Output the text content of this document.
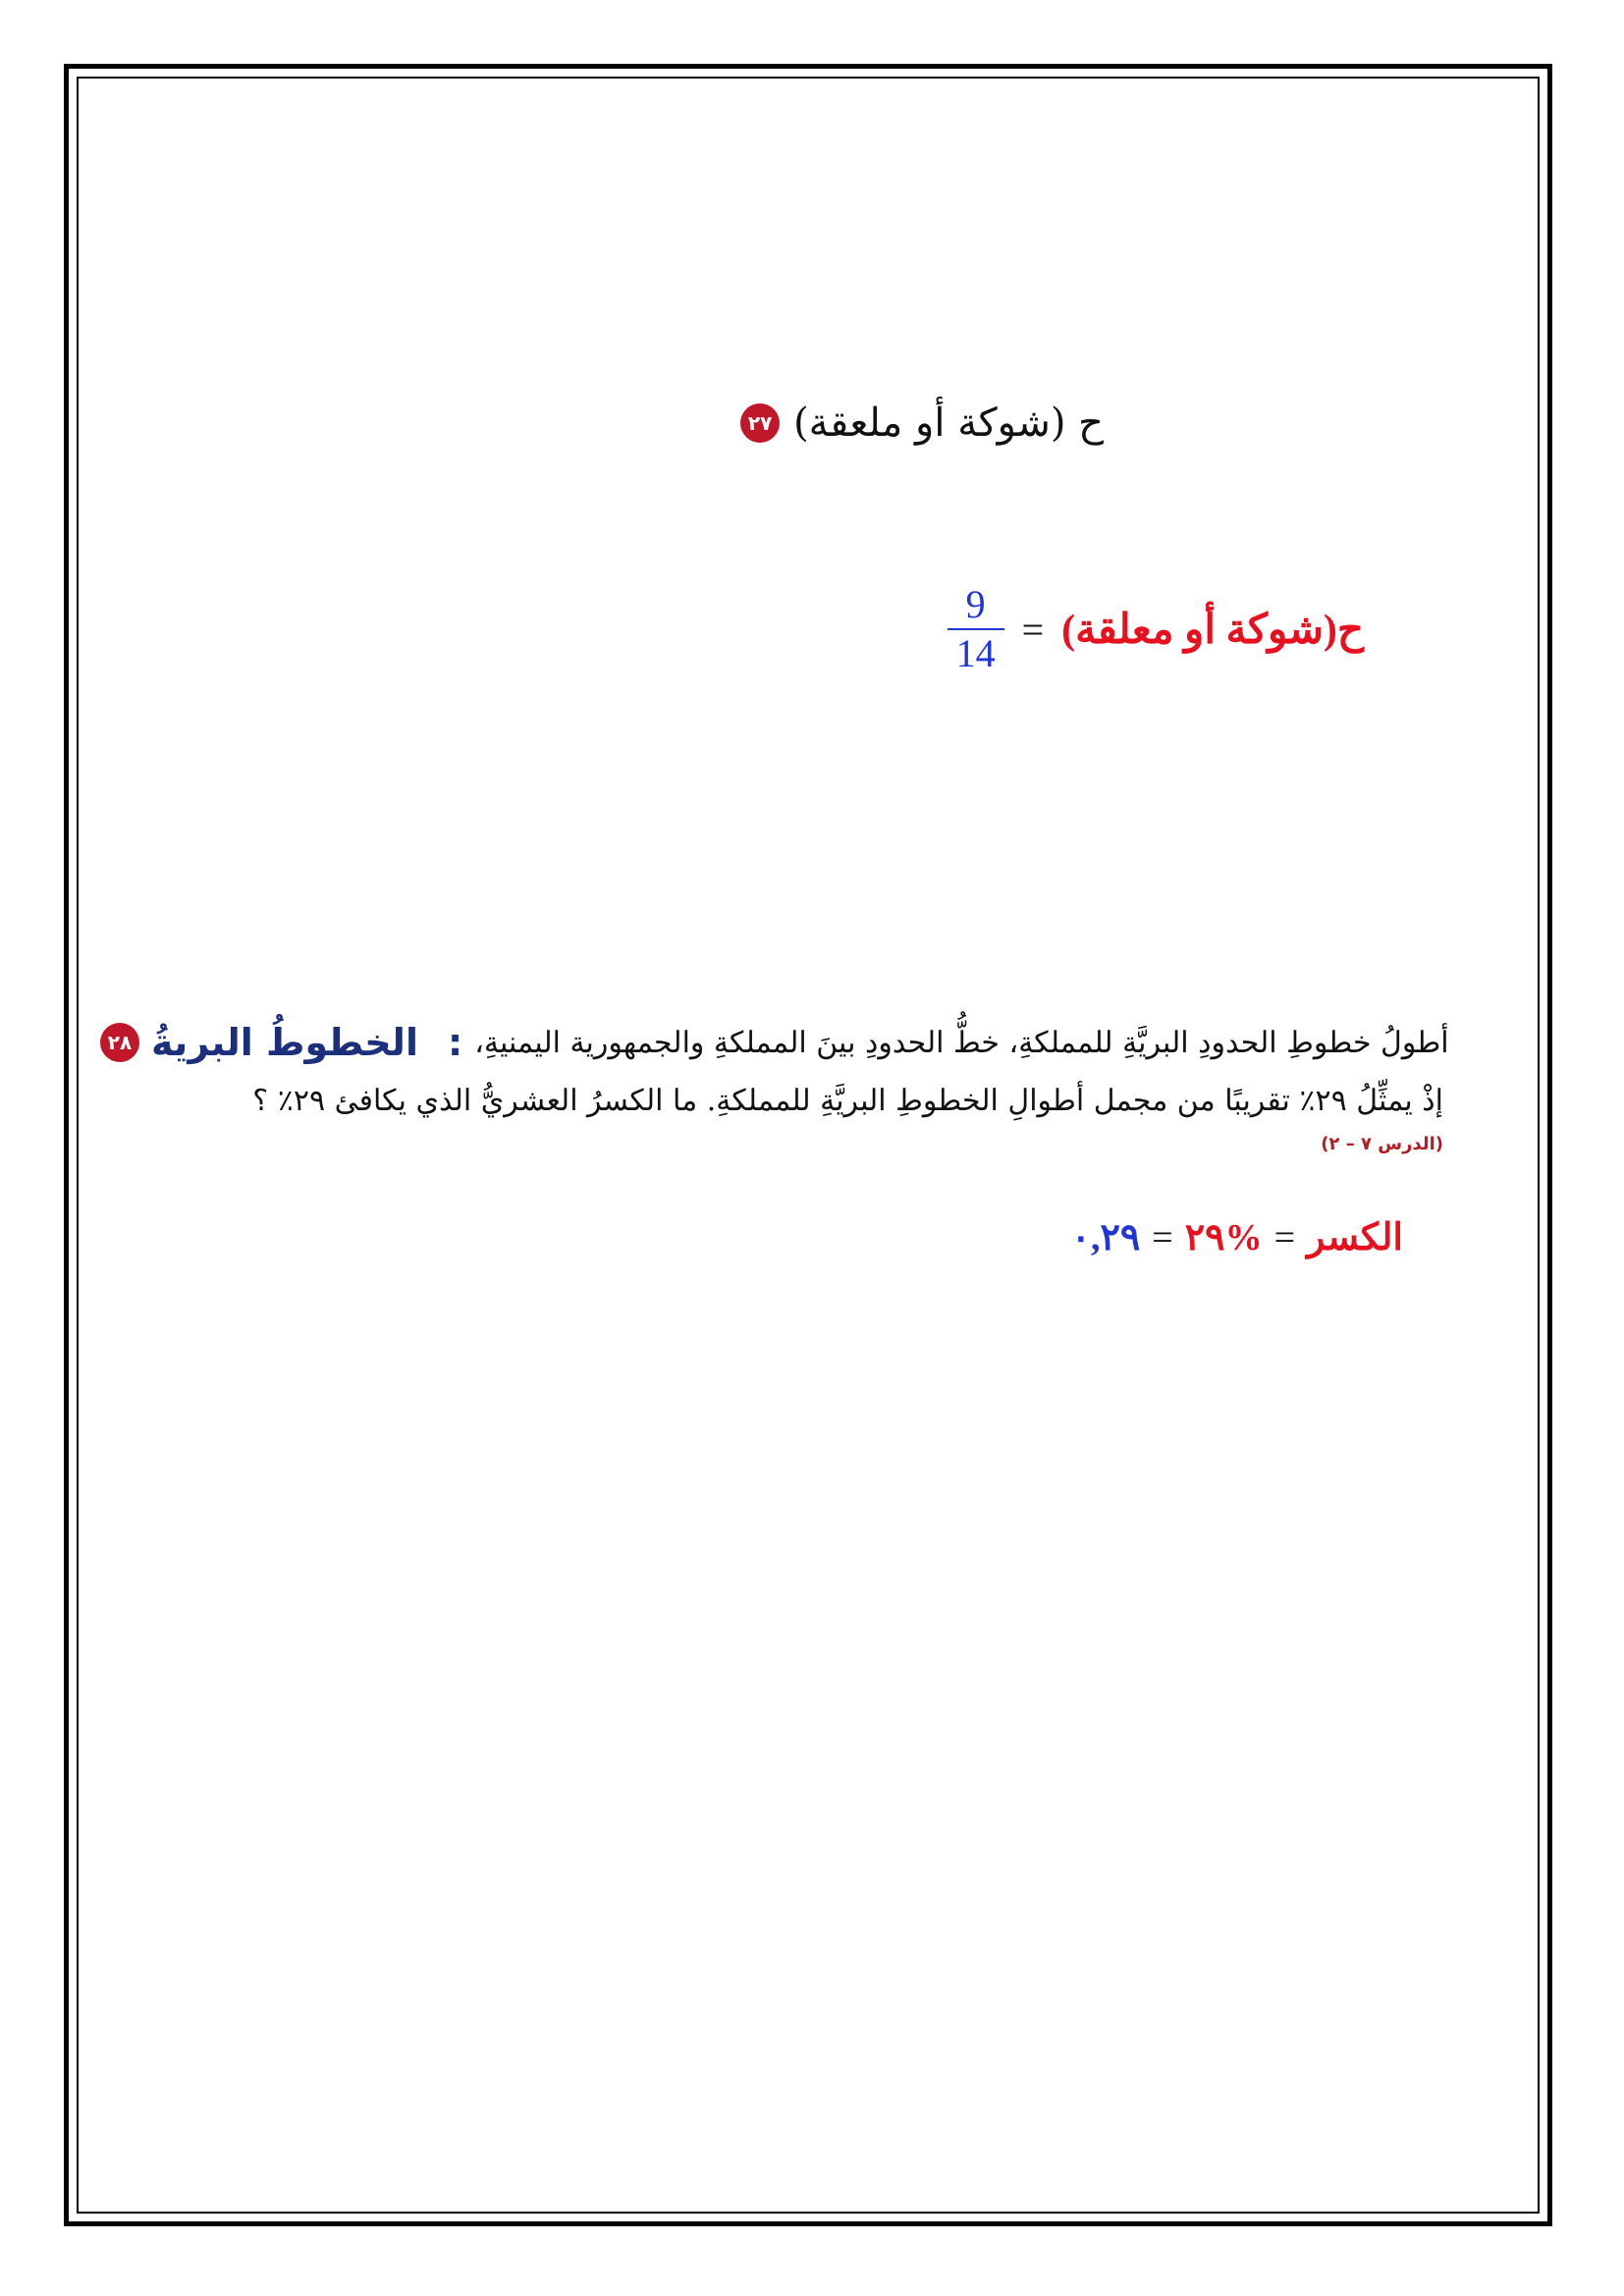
٢٧ ح (شوكة أو ملعقة)
ح(شوكة أو معلقة)
=
$\frac{9}{14}$
٢٨ الخطوطُ البريةُ : أطولُ خطوطِ الحدودِ البريَّةِ للمملكةِ، خطُّ الحدودِ بينَ المملكةِ والجمهورية اليمنيةِ،
إذْ يمثِّلُ ٢٩٪ تقريبًا من مجمل أطوالِ الخطوطِ البريَّةِ للمملكةِ. ما الكسرُ العشريُّ الذي يكافئ ٢٩٪ ؟
(الدرس ٧ – ٢)
الكسر
=
٢٩%
=
٠,٢٩
